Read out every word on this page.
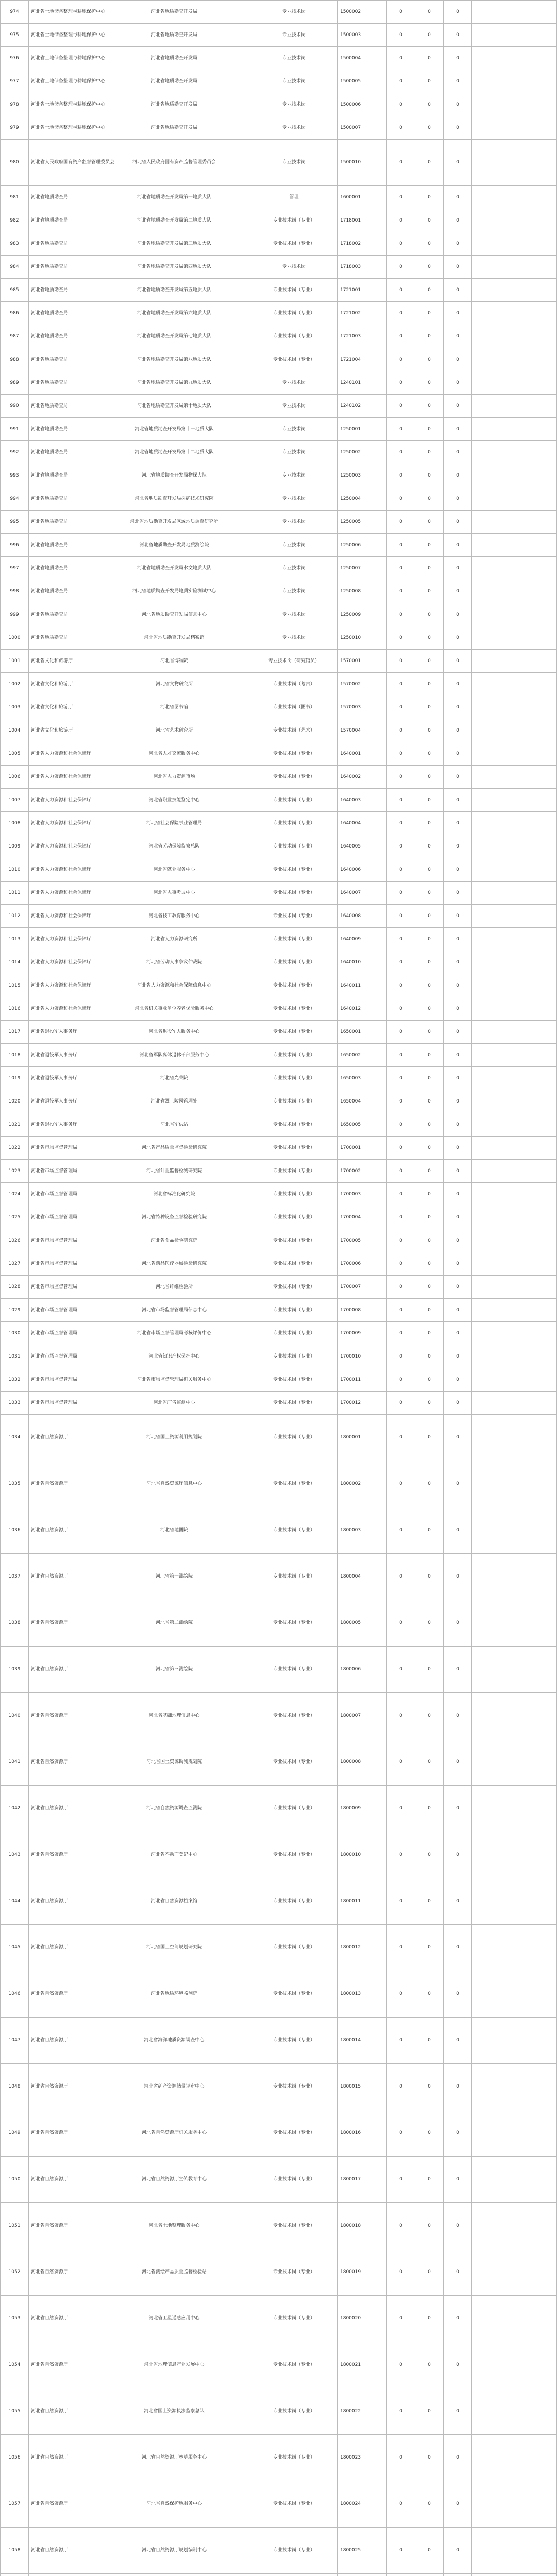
974	河北省土地储备整理与耕地保护中心	河北省地质勘查开发局	专业技术岗	1500002	0	0	0	
975	河北省土地储备整理与耕地保护中心	河北省地质勘查开发局	专业技术岗	1500003	0	0	0	
976	河北省土地储备整理与耕地保护中心	河北省地质勘查开发局	专业技术岗	1500004	0	0	0	
977	河北省土地储备整理与耕地保护中心	河北省地质勘查开发局	专业技术岗	1500005	0	0	0	
978	河北省土地储备整理与耕地保护中心	河北省地质勘查开发局	专业技术岗	1500006	0	0	0	
979	河北省土地储备整理与耕地保护中心	河北省地质勘查开发局	专业技术岗	1500007	0	0	0	
980	河北省人民政府国有资产监督管理委员会	河北省人民政府国有资产监督管理委员会	专业技术岗	1500010	0	0	0	
981	河北省地质勘查局	河北省地质勘查开发局第一地质大队	管理	1600001	0	0	0	
982	河北省地质勘查局	河北省地质勘查开发局第二地质大队	专业技术岗（专业）	1718001	0	0	0	
983	河北省地质勘查局	河北省地质勘查开发局第三地质大队	专业技术岗（专业）	1718002	0	0	0	
984	河北省地质勘查局	河北省地质勘查开发局第四地质大队	专业技术岗	1718003	0	0	0	
985	河北省地质勘查局	河北省地质勘查开发局第五地质大队	专业技术岗（专业）	1721001	0	0	0	
986	河北省地质勘查局	河北省地质勘查开发局第六地质大队	专业技术岗（专业）	1721002	0	0	0	
987	河北省地质勘查局	河北省地质勘查开发局第七地质大队	专业技术岗（专业）	1721003	0	0	0	
988	河北省地质勘查局	河北省地质勘查开发局第八地质大队	专业技术岗（专业）	1721004	0	0	0	
989	河北省地质勘查局	河北省地质勘查开发局第九地质大队	专业技术岗	1240101	0	0	0	
990	河北省地质勘查局	河北省地质勘查开发局第十地质大队	专业技术岗	1240102	0	0	0	
991	河北省地质勘查局	河北省地质勘查开发局第十一地质大队	专业技术岗	1250001	0	0	0	
992	河北省地质勘查局	河北省地质勘查开发局第十二地质大队	专业技术岗	1250002	0	0	0	
993	河北省地质勘查局	河北省地质勘查开发局物探大队	专业技术岗	1250003	0	0	0	
994	河北省地质勘查局	河北省地质勘查开发局探矿技术研究院	专业技术岗	1250004	0	0	0	
995	河北省地质勘查局	河北省地质勘查开发局区域地质调查研究所	专业技术岗	1250005	0	0	0	
996	河北省地质勘查局	河北省地质勘查开发局地质测绘院	专业技术岗	1250006	0	0	0	
997	河北省地质勘查局	河北省地质勘查开发局水文地质大队	专业技术岗	1250007	0	0	0	
998	河北省地质勘查局	河北省地质勘查开发局地质实验测试中心	专业技术岗	1250008	0	0	0	
999	河北省地质勘查局	河北省地质勘查开发局信息中心	专业技术岗	1250009	0	0	0	
1000	河北省地质勘查局	河北省地质勘查开发局档案馆	专业技术岗	1250010	0	0	0	
1001	河北省文化和旅游厅	河北省博物院	专业技术岗（研究馆员）	1570001	0	0	0	
1002	河北省文化和旅游厅	河北省文物研究所	专业技术岗（考古）	1570002	0	0	0	
1003	河北省文化和旅游厅	河北省图书馆	专业技术岗（图书）	1570003	0	0	0	
1004	河北省文化和旅游厅	河北省艺术研究所	专业技术岗（艺术）	1570004	0	0	0	
1005	河北省人力资源和社会保障厅	河北省人才交流服务中心	专业技术岗（专业）	1640001	0	0	0	
1006	河北省人力资源和社会保障厅	河北省人力资源市场	专业技术岗（专业）	1640002	0	0	0	
1007	河北省人力资源和社会保障厅	河北省职业技能鉴定中心	专业技术岗（专业）	1640003	0	0	0	
1008	河北省人力资源和社会保障厅	河北省社会保险事业管理局	专业技术岗（专业）	1640004	0	0	0	
1009	河北省人力资源和社会保障厅	河北省劳动保障监察总队	专业技术岗（专业）	1640005	0	0	0	
1010	河北省人力资源和社会保障厅	河北省就业服务中心	专业技术岗（专业）	1640006	0	0	0	
1011	河北省人力资源和社会保障厅	河北省人事考试中心	专业技术岗（专业）	1640007	0	0	0	
1012	河北省人力资源和社会保障厅	河北省技工教育服务中心	专业技术岗（专业）	1640008	0	0	0	
1013	河北省人力资源和社会保障厅	河北省人力资源研究所	专业技术岗（专业）	1640009	0	0	0	
1014	河北省人力资源和社会保障厅	河北省劳动人事争议仲裁院	专业技术岗（专业）	1640010	0	0	0	
1015	河北省人力资源和社会保障厅	河北省人力资源和社会保障信息中心	专业技术岗（专业）	1640011	0	0	0	
1016	河北省人力资源和社会保障厅	河北省机关事业单位养老保险服务中心	专业技术岗（专业）	1640012	0	0	0	
1017	河北省退役军人事务厅	河北省退役军人服务中心	专业技术岗（专业）	1650001	0	0	0	
1018	河北省退役军人事务厅	河北省军队离休退休干部服务中心	专业技术岗（专业）	1650002	0	0	0	
1019	河北省退役军人事务厅	河北省光荣院	专业技术岗（专业）	1650003	0	0	0	
1020	河北省退役军人事务厅	河北省烈士陵园管理处	专业技术岗（专业）	1650004	0	0	0	
1021	河北省退役军人事务厅	河北省军供站	专业技术岗（专业）	1650005	0	0	0	
1022	河北省市场监督管理局	河北省产品质量监督检验研究院	专业技术岗（专业）	1700001	0	0	0	
1023	河北省市场监督管理局	河北省计量监督检测研究院	专业技术岗（专业）	1700002	0	0	0	
1024	河北省市场监督管理局	河北省标准化研究院	专业技术岗（专业）	1700003	0	0	0	
1025	河北省市场监督管理局	河北省特种设备监督检验研究院	专业技术岗（专业）	1700004	0	0	0	
1026	河北省市场监督管理局	河北省食品检验研究院	专业技术岗（专业）	1700005	0	0	0	
1027	河北省市场监督管理局	河北省药品医疗器械检验研究院	专业技术岗（专业）	1700006	0	0	0	
1028	河北省市场监督管理局	河北省纤维检验所	专业技术岗（专业）	1700007	0	0	0	
1029	河北省市场监督管理局	河北省市场监督管理局信息中心	专业技术岗（专业）	1700008	0	0	0	
1030	河北省市场监督管理局	河北省市场监督管理局考核评价中心	专业技术岗（专业）	1700009	0	0	0	
1031	河北省市场监督管理局	河北省知识产权保护中心	专业技术岗（专业）	1700010	0	0	0	
1032	河北省市场监督管理局	河北省市场监督管理局机关服务中心	专业技术岗（专业）	1700011	0	0	0	
1033	河北省市场监督管理局	河北省广告监测中心	专业技术岗（专业）	1700012	0	0	0	
1034	河北省自然资源厅	河北省国土资源利用规划院	专业技术岗（专业）	1800001	0	0	0	
1035	河北省自然资源厅	河北省自然资源厅信息中心	专业技术岗（专业）	1800002	0	0	0	
1036	河北省自然资源厅	河北省地图院	专业技术岗（专业）	1800003	0	0	0	
1037	河北省自然资源厅	河北省第一测绘院	专业技术岗（专业）	1800004	0	0	0	
1038	河北省自然资源厅	河北省第二测绘院	专业技术岗（专业）	1800005	0	0	0	
1039	河北省自然资源厅	河北省第三测绘院	专业技术岗（专业）	1800006	0	0	0	
1040	河北省自然资源厅	河北省基础地理信息中心	专业技术岗（专业）	1800007	0	0	0	
1041	河北省自然资源厅	河北省国土资源勘测规划院	专业技术岗（专业）	1800008	0	0	0	
1042	河北省自然资源厅	河北省自然资源调查监测院	专业技术岗（专业）	1800009	0	0	0	
1043	河北省自然资源厅	河北省不动产登记中心	专业技术岗（专业）	1800010	0	0	0	
1044	河北省自然资源厅	河北省自然资源档案馆	专业技术岗（专业）	1800011	0	0	0	
1045	河北省自然资源厅	河北省国土空间规划研究院	专业技术岗（专业）	1800012	0	0	0	
1046	河北省自然资源厅	河北省地质环境监测院	专业技术岗（专业）	1800013	0	0	0	
1047	河北省自然资源厅	河北省海洋地质资源调查中心	专业技术岗（专业）	1800014	0	0	0	
1048	河北省自然资源厅	河北省矿产资源储量评审中心	专业技术岗（专业）	1800015	0	0	0	
1049	河北省自然资源厅	河北省自然资源厅机关服务中心	专业技术岗（专业）	1800016	0	0	0	
1050	河北省自然资源厅	河北省自然资源厅宣传教育中心	专业技术岗（专业）	1800017	0	0	0	
1051	河北省自然资源厅	河北省土地整理服务中心	专业技术岗（专业）	1800018	0	0	0	
1052	河北省自然资源厅	河北省测绘产品质量监督检验站	专业技术岗（专业）	1800019	0	0	0	
1053	河北省自然资源厅	河北省卫星遥感应用中心	专业技术岗（专业）	1800020	0	0	0	
1054	河北省自然资源厅	河北省地理信息产业发展中心	专业技术岗（专业）	1800021	0	0	0	
1055	河北省自然资源厅	河北省国土资源执法监察总队	专业技术岗（专业）	1800022	0	0	0	
1056	河北省自然资源厅	河北省自然资源厅林草服务中心	专业技术岗（专业）	1800023	0	0	0	
1057	河北省自然资源厅	河北省自然保护地服务中心	专业技术岗（专业）	1800024	0	0	0	
1058	河北省自然资源厅	河北省自然资源厅规划编制中心	专业技术岗（专业）	1800025	0	0	0	
